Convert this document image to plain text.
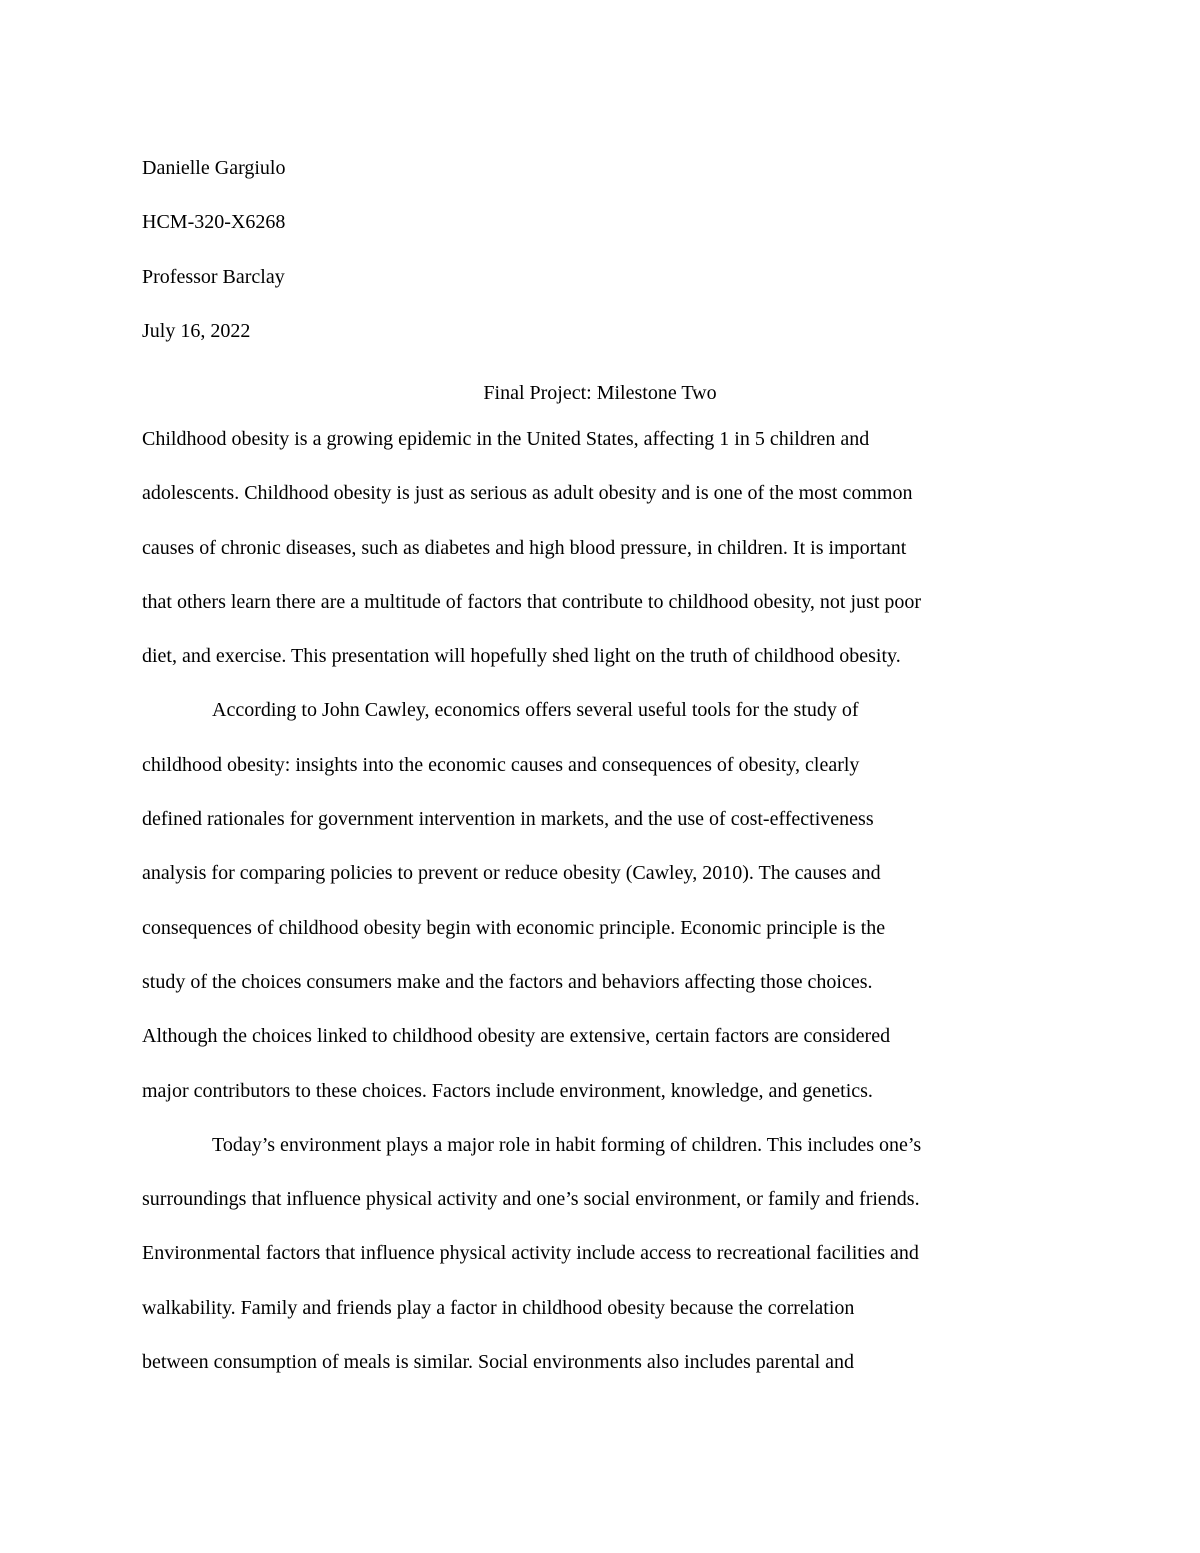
Danielle Gargiulo

HCM-320-X6268

Professor Barclay

July 16, 2022

Final Project: Milestone Two

Childhood obesity is a growing epidemic in the United States, affecting 1 in 5 children and

adolescents. Childhood obesity is just as serious as adult obesity and is one of the most common

causes of chronic diseases, such as diabetes and high blood pressure, in children. It is important

that others learn there are a multitude of factors that contribute to childhood obesity, not just poor

diet, and exercise. This presentation will hopefully shed light on the truth of childhood obesity.

According to John Cawley, economics offers several useful tools for the study of

childhood obesity: insights into the economic causes and consequences of obesity, clearly

defined rationales for government intervention in markets, and the use of cost-effectiveness

analysis for comparing policies to prevent or reduce obesity (Cawley, 2010). The causes and

consequences of childhood obesity begin with economic principle. Economic principle is the

study of the choices consumers make and the factors and behaviors affecting those choices.

Although the choices linked to childhood obesity are extensive, certain factors are considered

major contributors to these choices. Factors include environment, knowledge, and genetics.

Today’s environment plays a major role in habit forming of children. This includes one’s

surroundings that influence physical activity and one’s social environment, or family and friends.

Environmental factors that influence physical activity include access to recreational facilities and

walkability. Family and friends play a factor in childhood obesity because the correlation

between consumption of meals is similar. Social environments also includes parental and
